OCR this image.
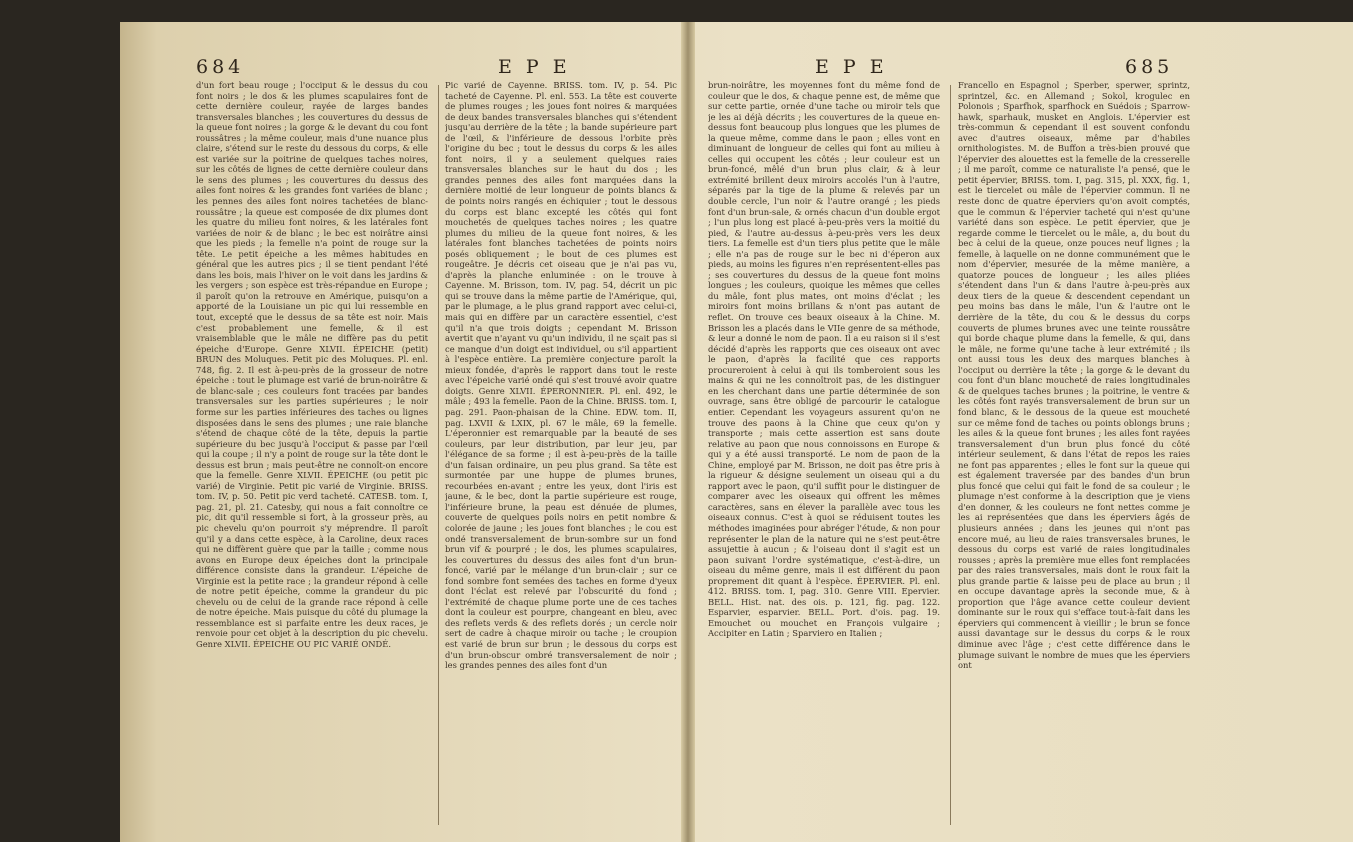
684	E P E	E P E	685

d'un fort beau rouge ; l'occiput & le dessus du cou font noirs ; le dos & les plumes scapulaires font de cette dernière couleur, rayée de larges bandes transversales blanches ; les couvertures du dessus de la queue font noires ; la gorge & le devant du cou font roussâtres ; la même couleur, mais d'une nuance plus claire, s'étend sur le reste du dessous du corps, & elle est variée sur la poitrine de quelques taches noires, sur les côtés de lignes de cette dernière couleur dans le sens des plumes ; les couvertures du dessus des ailes font noires & les grandes font variées de blanc ; les pennes des ailes font noires tachetées de blanc-roussâtre ; la queue est composée de dix plumes dont les quatre du milieu font noires, & les latérales font variées de noir & de blanc ; le bec est noirâtre ainsi que les pieds ; la femelle n'a point de rouge sur la tête. Le petit épeiche a les mêmes habitudes en général que les autres pics ; il se tient pendant l'été dans les bois, mais l'hiver on le voit dans les jardins & les vergers ; son espèce est très-répandue en Europe ; il paroît qu'on la retrouve en Amérique, puisqu'on a apporté de la Louisiane un pic qui lui ressemble en tout, excepté que le dessus de sa tête est noir. Mais c'est probablement une femelle, & il est vraisemblable que le mâle ne diffère pas du petit épeiche d'Europe. Genre XLVII. ÉPEICHE (petit) BRUN des Moluques. Petit pic des Moluques. Pl. enl. 748, fig. 2. Il est à-peu-près de la grosseur de notre épeiche : tout le plumage est varié de brun-noirâtre & de blanc-sale ; ces couleurs font tracées par bandes transversales sur les parties supérieures ; le noir forme sur les parties inférieures des taches ou lignes disposées dans le sens des plumes ; une raie blanche s'étend de chaque côté de la tête, depuis la partie supérieure du bec jusqu'à l'occiput & passe par l'œil qui la coupe ; il n'y a point de rouge sur la tête dont le dessus est brun ; mais peut-être ne connoît-on encore que la femelle. Genre XLVII. ÉPEICHE (ou petit pic varié) de Virginie. Petit pic varié de Virginie. BRISS. tom. IV, p. 50. Petit pic verd tacheté. CATESB. tom. I, pag. 21, pl. 21. Catesby, qui nous a fait connoître ce pic, dit qu'il ressemble si fort, à la grosseur près, au pic chevelu qu'on pourroit s'y méprendre. Il paroît qu'il y a dans cette espèce, à la Caroline, deux races qui ne diffèrent guère que par la taille ; comme nous avons en Europe deux épeiches dont la principale différence consiste dans la grandeur. L'épeiche de Virginie est la petite race ; la grandeur répond à celle de notre petit épeiche, comme la grandeur du pic chevelu ou de celui de la grande race répond à celle de notre épeiche. Mais puisque du côté du plumage la ressemblance est si parfaite entre les deux races, je renvoie pour cet objet à la description du pic chevelu. Genre XLVII. ÉPEICHE OU PIC VARIÉ ONDÉ.

Pic varié de Cayenne. BRISS. tom. IV, p. 54. Pic tacheté de Cayenne. Pl. enl. 553. La tête est couverte de plumes rouges ; les joues font noires & marquées de deux bandes transversales blanches qui s'étendent jusqu'au derrière de la tête ; la bande supérieure part de l'œil, & l'inférieure de dessous l'orbite près l'origine du bec ; tout le dessus du corps & les ailes font noirs, il y a seulement quelques raies transversales blanches sur le haut du dos ; les grandes pennes des ailes font marquées dans la dernière moitié de leur longueur de points blancs & de points noirs rangés en échiquier ; tout le dessous du corps est blanc excepté les côtés qui font mouchetés de quelques taches noires ; les quatre plumes du milieu de la queue font noires, & les latérales font blanches tachetées de points noirs posés obliquement ; le bout de ces plumes est rougeâtre. Je décris cet oiseau que je n'ai pas vu, d'après la planche enluminée : on le trouve à Cayenne. M. Brisson, tom. IV, pag. 54, décrit un pic qui se trouve dans la même partie de l'Amérique, qui, par le plumage, a le plus grand rapport avec celui-ci, mais qui en diffère par un caractère essentiel, c'est qu'il n'a que trois doigts ; cependant M. Brisson avertit que n'ayant vu qu'un individu, il ne sçait pas si ce manque d'un doigt est individuel, ou s'il appartient à l'espèce entière. La première conjecture paroît la mieux fondée, d'après le rapport dans tout le reste avec l'épeiche varié ondé qui s'est trouvé avoir quatre doigts. Genre XLVII. ÉPERONNIER. Pl. enl. 492, le mâle ; 493 la femelle. Paon de la Chine. BRISS. tom. I, pag. 291. Paon-phaisan de la Chine. EDW. tom. II, pag. LXVII & LXIX, pl. 67 le mâle, 69 la femelle. L'éperonnier est remarquable par la beauté de ses couleurs, par leur distribution, par leur jeu, par l'élégance de sa forme ; il est à-peu-près de la taille d'un faisan ordinaire, un peu plus grand. Sa tête est surmontée par une huppe de plumes brunes, recourbées en-avant ; entre les yeux, dont l'iris est jaune, & le bec, dont la partie supérieure est rouge, l'inférieure brune, la peau est dénuée de plumes, couverte de quelques poils noirs en petit nombre & colorée de jaune ; les joues font blanches ; le cou est ondé transversalement de brun-sombre sur un fond brun vif & pourpré ; le dos, les plumes scapulaires, les couvertures du dessus des ailes font d'un brun-foncé, varié par le mélange d'un brun-clair ; sur ce fond sombre font semées des taches en forme d'yeux dont l'éclat est relevé par l'obscurité du fond ; l'extrémité de chaque plume porte une de ces taches dont la couleur est pourpre, changeant en bleu, avec des reflets verds & des reflets dorés ; un cercle noir sert de cadre à chaque miroir ou tache ; le croupion est varié de brun sur brun ; le dessous du corps est d'un brun-obscur ombré transversalement de noir ; les grandes pennes des ailes font d'un

brun-noirâtre, les moyennes font du même fond de couleur que le dos, & chaque penne est, de même que sur cette partie, ornée d'une tache ou miroir tels que je les ai déjà décrits ; les couvertures de la queue en-dessus font beaucoup plus longues que les plumes de la queue même, comme dans le paon ; elles vont en diminuant de longueur de celles qui font au milieu à celles qui occupent les côtés ; leur couleur est un brun-foncé, mêlé d'un brun plus clair, & à leur extrémité brillent deux miroirs accolés l'un à l'autre, séparés par la tige de la plume & relevés par un double cercle, l'un noir & l'autre orangé ; les pieds font d'un brun-sale, & ornés chacun d'un double ergot ; l'un plus long est placé à-peu-près vers la moitié du pied, & l'autre au-dessus à-peu-près vers les deux tiers. La femelle est d'un tiers plus petite que le mâle ; elle n'a pas de rouge sur le bec ni d'éperon aux pieds, au moins les figures n'en représentent-elles pas ; ses couvertures du dessus de la queue font moins longues ; les couleurs, quoique les mêmes que celles du mâle, font plus mates, ont moins d'éclat ; les miroirs font moins brillans & n'ont pas autant de reflet. On trouve ces beaux oiseaux à la Chine. M. Brisson les a placés dans le VIIe genre de sa méthode, & leur a donné le nom de paon. Il a eu raison si il s'est décidé d'après les rapports que ces oiseaux ont avec le paon, d'après la facilité que ces rapports procureroient à celui à qui ils tomberoient sous les mains & qui ne les connoîtroit pas, de les distinguer en les cherchant dans une partie déterminée de son ouvrage, sans être obligé de parcourir le catalogue entier. Cependant les voyageurs assurent qu'on ne trouve des paons à la Chine que ceux qu'on y transporte ; mais cette assertion est sans doute relative au paon que nous connoissons en Europe & qui y a été aussi transporté. Le nom de paon de la Chine, employé par M. Brisson, ne doit pas être pris à la rigueur & désigne seulement un oiseau qui a du rapport avec le paon, qu'il suffit pour le distinguer de comparer avec les oiseaux qui offrent les mêmes caractères, sans en élever la parallèle avec tous les oiseaux connus. C'est à quoi se réduisent toutes les méthodes imaginées pour abréger l'étude, & non pour représenter le plan de la nature qui ne s'est peut-être assujettie à aucun ; & l'oiseau dont il s'agit est un paon suivant l'ordre systématique, c'est-à-dire, un oiseau du même genre, mais il est différent du paon proprement dit quant à l'espèce. ÉPERVIER. Pl. enl. 412. BRISS. tom. I, pag. 310. Genre VIII. Epervier. BELL. Hist. nat. des ois. p. 121, fig. pag. 122. Esparvier, esparvier. BELL. Port. d'ois. pag. 19. Emouchet ou mouchet en François vulgaire ; Accipiter en Latin ; Sparviero en Italien ;

Francello en Espagnol ; Sperber, sperwer, sprintz, sprintzel, &c. en Allemand ; Sokol, krogulec en Polonois ; Sparfhok, sparfhock en Suédois ; Sparrow-hawk, sparhauk, musket en Anglois. L'épervier est très-commun & cependant il est souvent confondu avec d'autres oiseaux, même par d'habiles ornithologistes. M. de Buffon a très-bien prouvé que l'épervier des alouettes est la femelle de la cresserelle ; il me paroît, comme ce naturaliste l'a pensé, que le petit épervier, BRISS. tom. I, pag. 315, pl. XXX, fig. 1, est le tiercelet ou mâle de l'épervier commun. Il ne reste donc de quatre éperviers qu'on avoit comptés, que le commun & l'épervier tacheté qui n'est qu'une variété dans son espèce. Le petit épervier, que je regarde comme le tiercelet ou le mâle, a, du bout du bec à celui de la queue, onze pouces neuf lignes ; la femelle, à laquelle on ne donne communément que le nom d'épervier, mesurée de la même manière, a quatorze pouces de longueur ; les ailes pliées s'étendent dans l'un & dans l'autre à-peu-près aux deux tiers de la queue & descendent cependant un peu moins bas dans le mâle, l'un & l'autre ont le derrière de la tête, du cou & le dessus du corps couverts de plumes brunes avec une teinte roussâtre qui borde chaque plume dans la femelle, & qui, dans le mâle, ne forme qu'une tache à leur extrémité ; ils ont aussi tous les deux des marques blanches à l'occiput ou derrière la tête ; la gorge & le devant du cou font d'un blanc moucheté de raies longitudinales & de quelques taches brunes ; la poitrine, le ventre & les côtés font rayés transversalement de brun sur un fond blanc, & le dessous de la queue est moucheté sur ce même fond de taches ou points oblongs bruns ; les ailes & la queue font brunes ; les ailes font rayées transversalement d'un brun plus foncé du côté intérieur seulement, & dans l'état de repos les raies ne font pas apparentes ; elles le font sur la queue qui est également traversée par des bandes d'un brun plus foncé que celui qui fait le fond de sa couleur ; le plumage n'est conforme à la description que je viens d'en donner, & les couleurs ne font nettes comme je les ai représentées que dans les éperviers âgés de plusieurs années ; dans les jeunes qui n'ont pas encore mué, au lieu de raies transversales brunes, le dessous du corps est varié de raies longitudinales rousses ; après la première mue elles font remplacées par des raies transversales, mais dont le roux fait la plus grande partie & laisse peu de place au brun ; il en occupe davantage après la seconde mue, & à proportion que l'âge avance cette couleur devient dominante sur le roux qui s'efface tout-à-fait dans les éperviers qui commencent à vieillir ; le brun se fonce aussi davantage sur le dessus du corps & le roux diminue avec l'âge ; c'est cette différence dans le plumage suivant le nombre de mues que les éperviers ont
